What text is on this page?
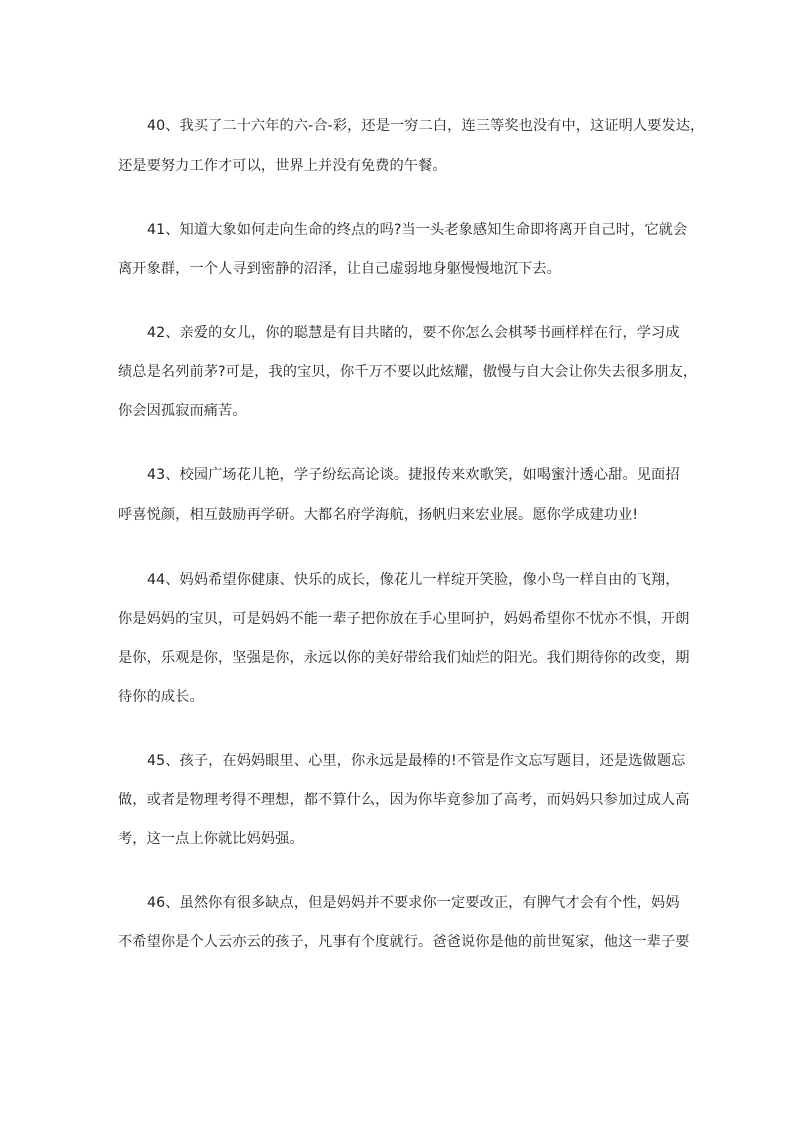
40、我买了二十六年的六-合-彩，还是一穷二白，连三等奖也没有中，这证明人要发达，
还是要努力工作才可以，世界上并没有免费的午餐。
41、知道大象如何走向生命的终点的吗?当一头老象感知生命即将离开自己时，它就会
离开象群，一个人寻到密静的沼泽，让自己虚弱地身躯慢慢地沉下去。
42、亲爱的女儿，你的聪慧是有目共睹的，要不你怎么会棋琴书画样样在行，学习成
绩总是名列前茅?可是，我的宝贝，你千万不要以此炫耀，傲慢与自大会让你失去很多朋友，
你会因孤寂而痛苦。
43、校园广场花儿艳，学子纷纭高论谈。捷报传来欢歌笑，如喝蜜汁透心甜。见面招
呼喜悦颜，相互鼓励再学研。大都名府学海航，扬帆归来宏业展。愿你学成建功业!
44、妈妈希望你健康、快乐的成长，像花儿一样绽开笑脸，像小鸟一样自由的飞翔，
你是妈妈的宝贝，可是妈妈不能一辈子把你放在手心里呵护，妈妈希望你不忧亦不惧，开朗
是你，乐观是你，坚强是你，永远以你的美好带给我们灿烂的阳光。我们期待你的改变，期
待你的成长。
45、孩子，在妈妈眼里、心里，你永远是最棒的!不管是作文忘写题目，还是选做题忘
做，或者是物理考得不理想，都不算什么，因为你毕竟参加了高考，而妈妈只参加过成人高
考，这一点上你就比妈妈强。
46、虽然你有很多缺点，但是妈妈并不要求你一定要改正，有脾气才会有个性，妈妈
不希望你是个人云亦云的孩子，凡事有个度就行。爸爸说你是他的前世冤家，他这一辈子要
